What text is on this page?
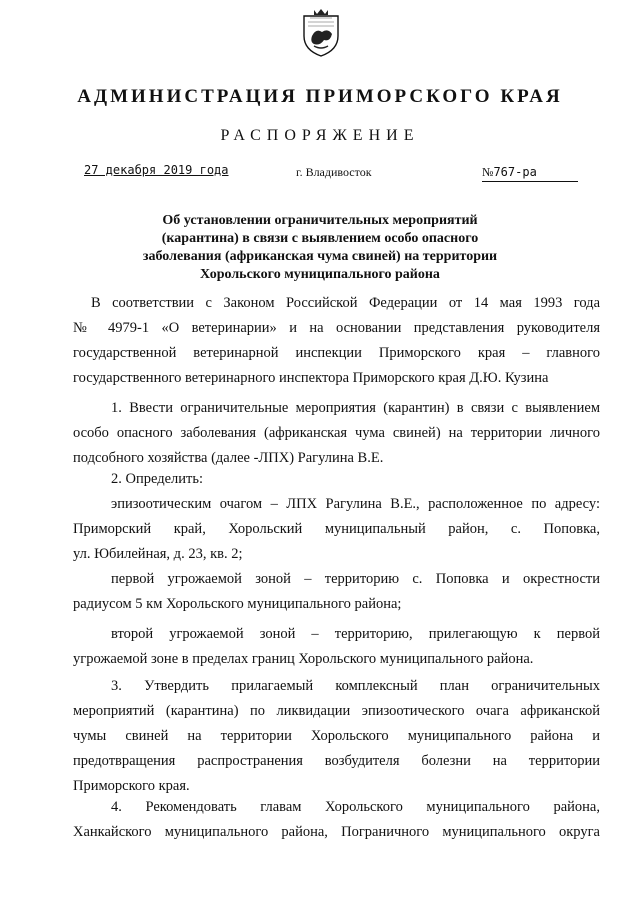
АДМИНИСТРАЦИЯ ПРИМОРСКОГО КРАЯ
РАСПОРЯЖЕНИЕ
27 декабря 2019 года	г. Владивосток	№767-ра
Об установлении ограничительных мероприятий
(карантина) в связи с выявлением особо опасного
заболевания (африканская чума свиней) на территории
Хорольского муниципального района
В соответствии с Законом Российской Федерации от 14 мая 1993 года
№ 4979-1 «О ветеринарии» и на основании представления руководителя
государственной ветеринарной инспекции Приморского края – главного
государственного ветеринарного инспектора Приморского края Д.Ю. Кузина
1. Ввести ограничительные мероприятия (карантин) в связи с выявлением
особо опасного заболевания (африканская чума свиней) на территории личного
подсобного хозяйства (далее -ЛПХ) Рагулина В.Е.
2. Определить:
эпизоотическим очагом – ЛПХ Рагулина В.Е., расположенное по адресу:
Приморский край, Хорольский муниципальный район, с. Поповка,
ул. Юбилейная, д. 23, кв. 2;
первой угрожаемой зоной – территорию с. Поповка и окрестности
радиусом 5 км Хорольского муниципального района;
второй угрожаемой зоной – территорию, прилегающую к первой
угрожаемой зоне в пределах границ Хорольского муниципального района.
3. Утвердить прилагаемый комплексный план ограничительных
мероприятий (карантина) по ликвидации эпизоотического очага африканской
чумы свиней на территории Хорольского муниципального района и
предотвращения распространения возбудителя болезни на территории
Приморского края.
4. Рекомендовать главам Хорольского муниципального района,
Ханкайского муниципального района, Пограничного муниципального округа
